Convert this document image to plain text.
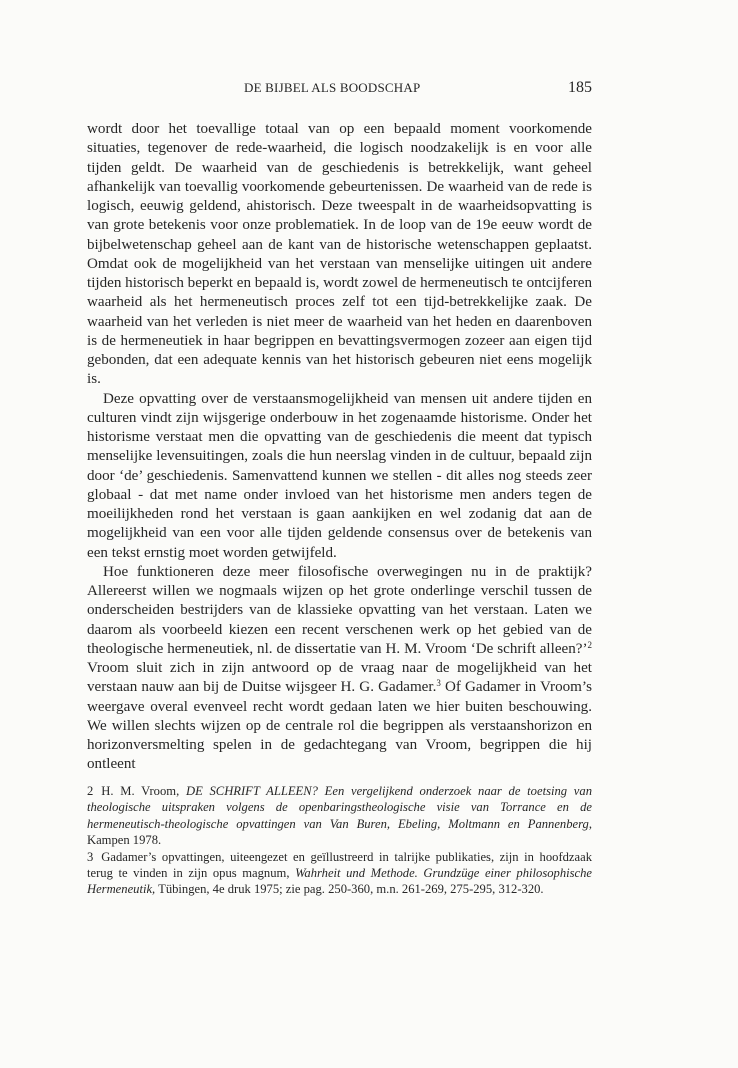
DE BIJBEL ALS BOODSCHAP	185

wordt door het toevallige totaal van op een bepaald moment voorkomende situaties, tegenover de rede-waarheid, die logisch noodzakelijk is en voor alle tijden geldt. De waarheid van de geschiedenis is betrekkelijk, want geheel afhankelijk van toevallig voorkomende gebeurtenissen. De waarheid van de rede is logisch, eeuwig geldend, ahistorisch. Deze tweespalt in de waarheidsopvatting is van grote betekenis voor onze problematiek. In de loop van de 19e eeuw wordt de bijbelwetenschap geheel aan de kant van de historische wetenschappen geplaatst. Omdat ook de mogelijkheid van het verstaan van menselijke uitingen uit andere tijden historisch beperkt en bepaald is, wordt zowel de hermeneutisch te ontcijferen waarheid als het hermeneutisch proces zelf tot een tijd-betrekkelijke zaak. De waarheid van het verleden is niet meer de waarheid van het heden en daarenboven is de hermeneutiek in haar begrippen en bevattingsvermogen zozeer aan eigen tijd gebonden, dat een adequate kennis van het historisch gebeuren niet eens mogelijk is.

Deze opvatting over de verstaansmogelijkheid van mensen uit andere tijden en culturen vindt zijn wijsgerige onderbouw in het zogenaamde historisme. Onder het historisme verstaat men die opvatting van de geschiedenis die meent dat typisch menselijke levensuitingen, zoals die hun neerslag vinden in de cultuur, bepaald zijn door ‘de’ geschiedenis. Samenvattend kunnen we stellen - dit alles nog steeds zeer globaal - dat met name onder invloed van het historisme men anders tegen de moeilijkheden rond het verstaan is gaan aankijken en wel zodanig dat aan de mogelijkheid van een voor alle tijden geldende consensus over de betekenis van een tekst ernstig moet worden getwijfeld.

Hoe funktioneren deze meer filosofische overwegingen nu in de praktijk? Allereerst willen we nogmaals wijzen op het grote onderlinge verschil tussen de onderscheiden bestrijders van de klassieke opvatting van het verstaan. Laten we daarom als voorbeeld kiezen een recent verschenen werk op het gebied van de theologische hermeneutiek, nl. de dissertatie van H. M. Vroom ‘De schrift alleen?’$^2$ Vroom sluit zich in zijn antwoord op de vraag naar de mogelijkheid van het verstaan nauw aan bij de Duitse wijsgeer H. G. Gadamer.$^3$ Of Gadamer in Vroom’s weergave overal evenveel recht wordt gedaan laten we hier buiten beschouwing. We willen slechts wijzen op de centrale rol die begrippen als verstaanshorizon en horizonversmelting spelen in de gedachtegang van Vroom, begrippen die hij ontleent

2 H. M. Vroom, DE SCHRIFT ALLEEN? Een vergelijkend onderzoek naar de toetsing van theologische uitspraken volgens de openbaringstheologische visie van Torrance en de hermeneutisch-theologische opvattingen van Van Buren, Ebeling, Moltmann en Pannenberg, Kampen 1978.

3 Gadamer’s opvattingen, uiteengezet en geïllustreerd in talrijke publikaties, zijn in hoofdzaak terug te vinden in zijn opus magnum, Wahrheit und Methode. Grundzüge einer philosophische Hermeneutik, Tübingen, 4e druk 1975; zie pag. 250-360, m.n. 261-269, 275-295, 312-320.
